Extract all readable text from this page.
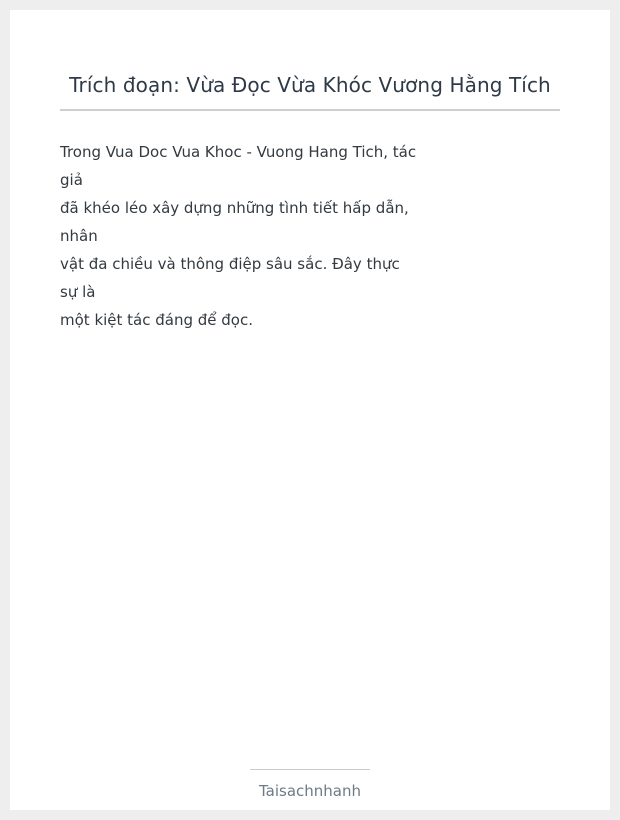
Trích đoạn: Vừa Đọc Vừa Khóc Vương Hằng Tích

Trong Vua Doc Vua Khoc - Vuong Hang Tich, tác
giả
đã khéo léo xây dựng những tình tiết hấp dẫn,
nhân
vật đa chiều và thông điệp sâu sắc. Đây thực
sự là
một kiệt tác đáng để đọc.

Taisachnhanh
